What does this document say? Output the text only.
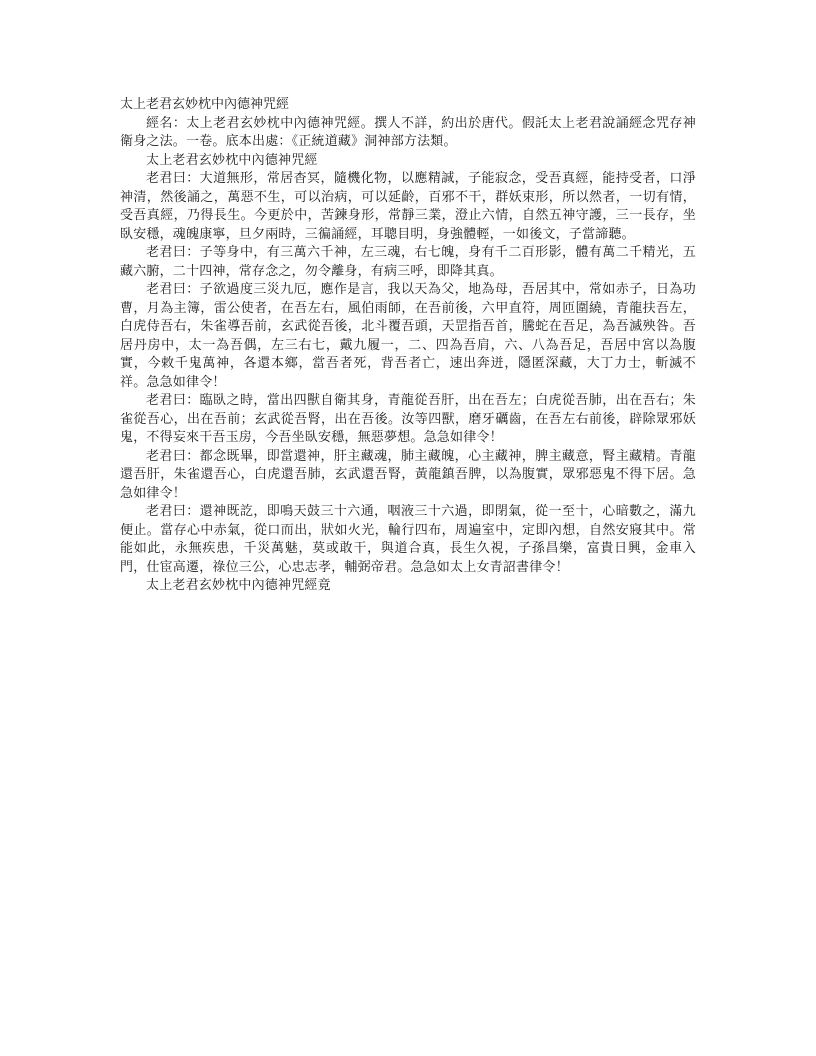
太上老君玄妙枕中內德神咒經

經名：太上老君玄妙枕中內德神咒經。撰人不詳，約出於唐代。假託太上老君說誦經念咒存神衛身之法。一卷。底本出處：《正統道藏》洞神部方法類。

太上老君玄妙枕中內德神咒經

老君曰：大道無形，常居杳冥，隨機化物，以應精誠，子能寂念，受吾真經，能持受者，口淨神清，然後誦之，萬惡不生，可以治病，可以延齡，百邪不干，群妖束形，所以然者，一切有情，受吾真經，乃得長生。今更於中，苦鍊身形，常靜三業，澄止六情，自然五神守護，三一長存，坐臥安穩，魂魄康寧，旦夕兩時，三徧誦經，耳聰目明，身強體輕，一如後文，子當諦聽。

老君曰：子等身中，有三萬六千神，左三魂，右七魄，身有千二百形影，體有萬二千精光，五藏六腑，二十四神，常存念之，勿令離身，有病三呼，即降其真。

老君曰：子欲過度三災九厄，應作是言，我以天為父，地為母，吾居其中，常如赤子，日為功曹，月為主簿，雷公使者，在吾左右，風伯雨師，在吾前後，六甲直符，周匝圍繞，青龍扶吾左，白虎侍吾右，朱雀導吾前，玄武從吾後，北斗覆吾頭，天罡指吾首，騰蛇在吾足，為吾滅殃咎。吾居丹房中，太一為吾偶，左三右七，戴九履一，二、四為吾肩，六、八為吾足，吾居中宮以為腹實，今敕千鬼萬神，各還本鄉，當吾者死，背吾者亡，速出奔迸，隱匿深藏，大丁力士，斬滅不祥。急急如律令！

老君曰：臨臥之時，當出四獸自衛其身，青龍從吾肝，出在吾左；白虎從吾肺，出在吾右；朱雀從吾心，出在吾前；玄武從吾腎，出在吾後。汝等四獸，磨牙礪齒，在吾左右前後，辟除眾邪妖鬼，不得妄來干吾玉房，今吾坐臥安穩，無惡夢想。急急如律令！

老君曰：都念既畢，即當還神，肝主藏魂，肺主藏魄，心主藏神，脾主藏意，腎主藏精。青龍還吾肝，朱雀還吾心，白虎還吾肺，玄武還吾腎，黃龍鎮吾脾，以為腹實，眾邪惡鬼不得下居。急急如律令！

老君曰：還神既訖，即鳴天鼓三十六通，咽液三十六過，即閉氣，從一至十，心暗數之，滿九便止。當存心中赤氣，從口而出，狀如火光，輪行四布，周遍室中，定即內想，自然安寢其中。常能如此，永無疾患，千災萬魅，莫或敢干，與道合真，長生久視，子孫昌樂，富貴日興，金車入門，仕宦高遷，祿位三公，心忠志孝，輔弼帝君。急急如太上女青詔書律令！

太上老君玄妙枕中內德神咒經竟
